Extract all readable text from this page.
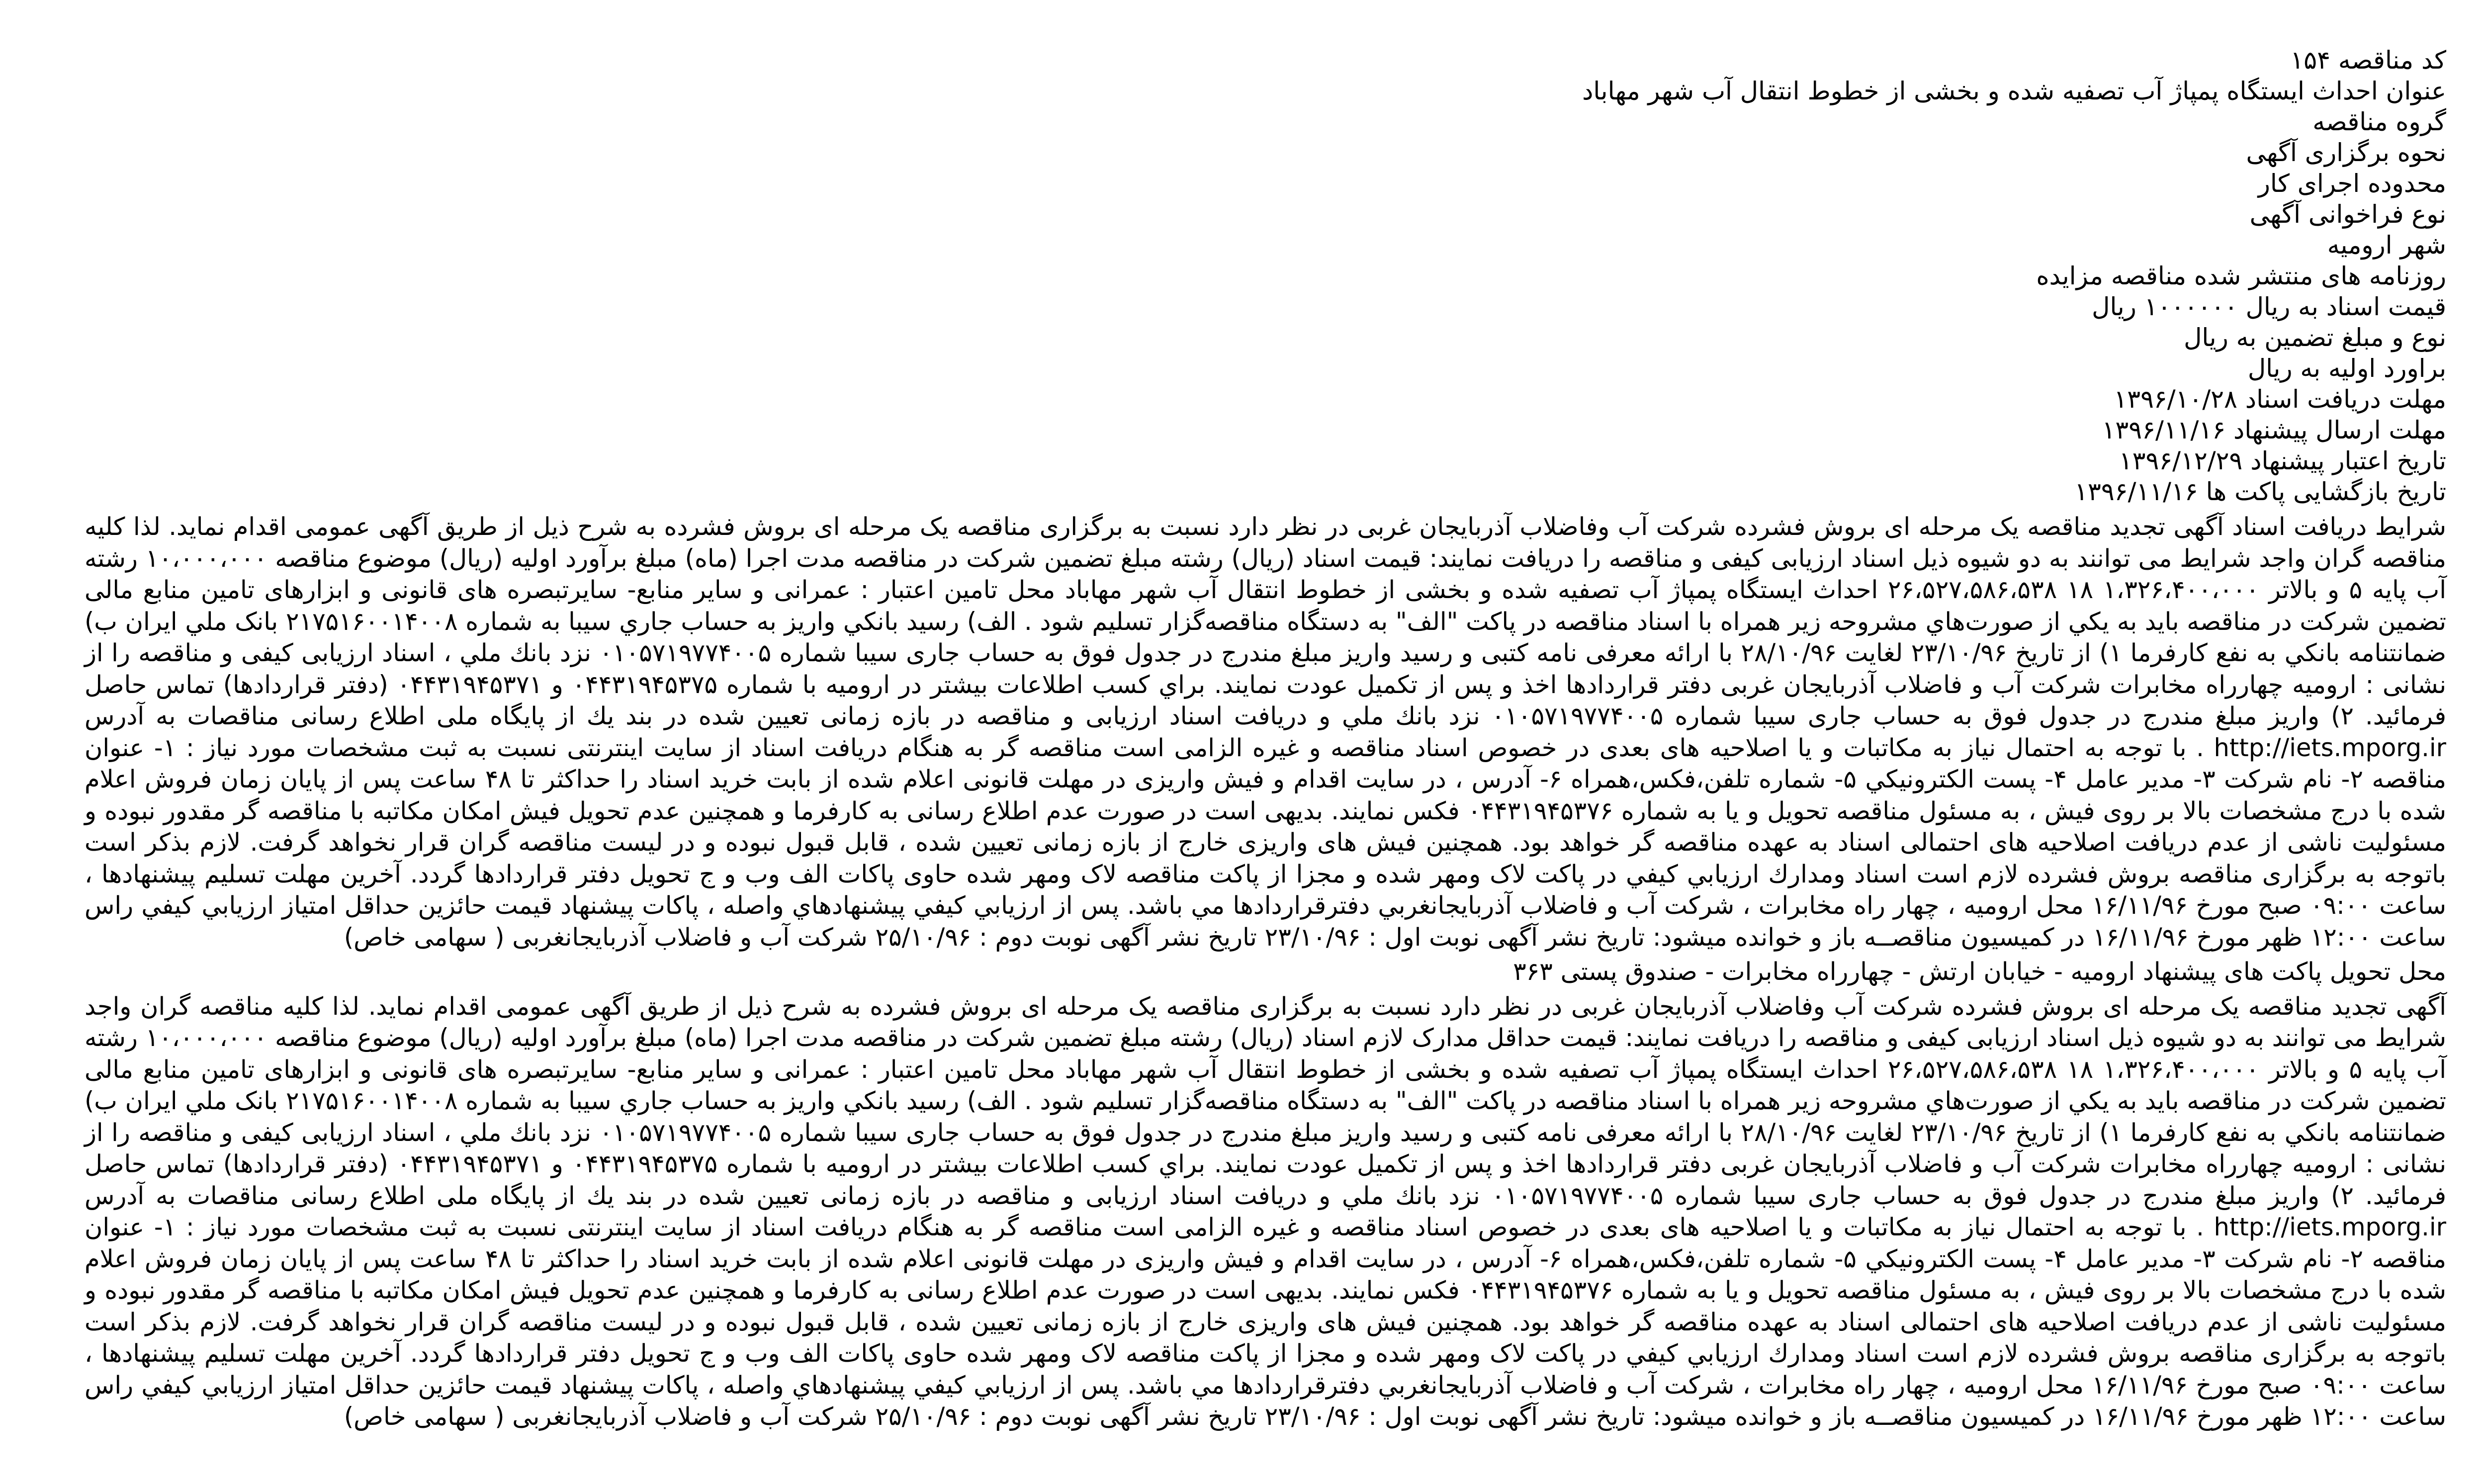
کد مناقصه ۱۵۴
عنوان احداث ایستگاه پمپاژ آب تصفیه شده و بخشی از خطوط انتقال آب شهر مهاباد
گروه مناقصه
نحوه برگزاری آگهی
محدوده اجرای کار
نوع فراخوانی آگهی
شهر ارومیه
روزنامه های منتشر شده مناقصه مزایده
قیمت اسناد به ریال ۱۰۰۰۰۰۰ ریال
نوع و مبلغ تضمین به ریال
براورد اولیه به ریال
مهلت دریافت اسناد ۱۳۹۶/۱۰/۲۸
مهلت ارسال پیشنهاد ۱۳۹۶/۱۱/۱۶
تاریخ اعتبار پیشنهاد ۱۳۹۶/۱۲/۲۹
تاریخ بازگشایی پاکت ها ۱۳۹۶/۱۱/۱۶
شرایط دریافت اسناد آگهی تجدید مناقصه یک مرحله ای بروش فشرده شرکت آب وفاضلاب آذربایجان غربی در نظر دارد نسبت به برگزاری مناقصه یک مرحله ای بروش فشرده به شرح ذیل از طریق آگهی عمومی اقدام نماید. لذا کلیه مناقصه گران واجد شرایط می توانند به دو شیوه ذیل اسناد ارزیابی کیفی و مناقصه را دریافت نمایند: قیمت اسناد (ریال) رشته مبلغ تضمین شرکت در مناقصه مدت اجرا (ماه) مبلغ برآورد اولیه (ریال) موضوع مناقصه ۱۰،۰۰۰،۰۰۰ رشته آب پایه ۵ و بالاتر ۱،۳۲۶،۴۰۰،۰۰۰ ۱۸ ۲۶،۵۲۷،۵۸۶،۵۳۸ احداث ایستگاه پمپاژ آب تصفیه شده و بخشی از خطوط انتقال آب شهر مهاباد محل تامین اعتبار : عمرانی و سایر منابع- سایرتبصره های قانونی و ابزارهای تامین منابع مالی تضمین شرکت در مناقصه باید به يكي از صورت‌هاي مشروحه زير همراه با اسناد مناقصه در پاكت "الف" به دستگاه مناقصه‌گزار تسليم شود . الف) رسيد بانكي واريز به حساب جاري سيبا به شماره ۲۱۷۵۱۶۰۰۱۴۰۰۸ بانک ملي ايران ب) ضمانتنامه بانكي به نفع كارفرما ۱) از تاريخ ۲۳/۱۰/۹۶ لغایت ۲۸/۱۰/۹۶ با ارائه معرفی نامه کتبی و رسید واریز مبلغ مندرج در جدول فوق به حساب جاری سیبا شماره ۰۱۰۵۷۱۹۷۷۴۰۰۵ نزد بانك ملي ، اسناد ارزیابی کیفی و مناقصه را از نشانی : ارومیه چهارراه مخابرات شرکت آب و فاضلاب آذربایجان غربی دفتر قراردادها اخذ و پس از تكميل عودت نمايند. براي كسب اطلاعات بيشتر در ارومیه با شماره ۰۴۴۳۱۹۴۵۳۷۵ و ۰۴۴۳۱۹۴۵۳۷۱ (دفتر قراردادها) تماس حاصل فرمائيد. ۲) واریز مبلغ مندرج در جدول فوق به حساب جاری سیبا شماره ۰۱۰۵۷۱۹۷۷۴۰۰۵ نزد بانك ملي و دریافت اسناد ارزیابی و مناقصه در بازه زمانی تعیین شده در بند يك از پایگاه ملی اطلاع رسانی مناقصات به آدرس http://iets.mporg.ir . با توجه به احتمال نیاز به مكاتبات و يا اصلاحیه های بعدی در خصوص اسناد مناقصه و غیره الزامی است مناقصه گر به هنگام دریافت اسناد از سایت اینترنتی نسبت به ثبت مشخصات مورد نیاز : ۱- عنوان مناقصه ۲- نام شرکت ۳- مدیر عامل ۴- پست الكترونيكي ۵- شماره تلفن،فكس،همراه ۶- آدرس ، در سایت اقدام و فیش واریزی در مهلت قانونی اعلام شده از بابت خرید اسناد را حداکثر تا ۴۸ ساعت پس از پایان زمان فروش اعلام شده با درج مشخصات بالا بر روی فیش ، به مسئول مناقصه تحویل و یا به شماره ۰۴۴۳۱۹۴۵۳۷۶ فکس نمایند. بدیهی است در صورت عدم اطلاع رسانی به کارفرما و همچنین عدم تحویل فیش امكان مكاتبه با مناقصه گر مقدور نبوده و مسئولیت ناشی از عدم دریافت اصلاحیه های احتمالی اسناد به عهده مناقصه گر خواهد بود. همچنین فیش های واریزی خارج از بازه زمانی تعیین شده ، قابل قبول نبوده و در لیست مناقصه گران قرار نخواهد گرفت. لازم بذكر است باتوجه به برگزاری مناقصه بروش فشرده لازم است اسناد ومدارك ارزيابي كيفي در پاكت لاک ومهر شده و مجزا از پاكت مناقصه لاک ومهر شده حاوی پاكات الف وب و ج تحويل دفتر قراردادها گردد. آخرين مهلت تسليم پيشنهادها ، ساعت ۰۹:۰۰ صبح مورخ ۱۶/۱۱/۹۶ محل اروميه ، چهار راه مخابرات ، شركت آب و فاضلاب آذربايجانغربي دفترقراردادها مي باشد. پس از ارزيابي كيفي پيشنهادهاي واصله ، پاكات پيشنهاد قيمت حائزين حداقل امتياز ارزيابي كيفي راس ساعت ۱۲:۰۰ ظهر مورخ ۱۶/۱۱/۹۶ در كميسيون مناقصــه باز و خوانده میشود: تاریخ نشر آگهی نوبت اول : ۲۳/۱۰/۹۶ تاریخ نشر آگهی نوبت دوم : ۲۵/۱۰/۹۶ شرکت آب و فاضلاب آذربایجانغربی ( سهامی خاص)
محل تحویل پاکت های پیشنهاد ارومیه - خیابان ارتش - چهارراه مخابرات - صندوق پستی ۳۶۳
آگهی تجدید مناقصه یک مرحله ای بروش فشرده شرکت آب وفاضلاب آذربایجان غربی در نظر دارد نسبت به برگزاری مناقصه یک مرحله ای بروش فشرده به شرح ذیل از طریق آگهی عمومی اقدام نماید. لذا کلیه مناقصه گران واجد شرایط می توانند به دو شیوه ذیل اسناد ارزیابی کیفی و مناقصه را دریافت نمایند: قیمت حداقل مدارک لازم اسناد (ریال) رشته مبلغ تضمین شرکت در مناقصه مدت اجرا (ماه) مبلغ برآورد اولیه (ریال) موضوع مناقصه ۱۰،۰۰۰،۰۰۰ رشته آب پایه ۵ و بالاتر ۱،۳۲۶،۴۰۰،۰۰۰ ۱۸ ۲۶،۵۲۷،۵۸۶،۵۳۸ احداث ایستگاه پمپاژ آب تصفیه شده و بخشی از خطوط انتقال آب شهر مهاباد محل تامین اعتبار : عمرانی و سایر منابع- سایرتبصره های قانونی و ابزارهای تامین منابع مالی تضمین شرکت در مناقصه باید به يكي از صورت‌هاي مشروحه زير همراه با اسناد مناقصه در پاكت "الف" به دستگاه مناقصه‌گزار تسليم شود . الف) رسيد بانكي واريز به حساب جاري سيبا به شماره ۲۱۷۵۱۶۰۰۱۴۰۰۸ بانک ملي ايران ب) ضمانتنامه بانكي به نفع كارفرما ۱) از تاريخ ۲۳/۱۰/۹۶ لغایت ۲۸/۱۰/۹۶ با ارائه معرفی نامه کتبی و رسید واریز مبلغ مندرج در جدول فوق به حساب جاری سیبا شماره ۰۱۰۵۷۱۹۷۷۴۰۰۵ نزد بانك ملي ، اسناد ارزیابی کیفی و مناقصه را از نشانی : ارومیه چهارراه مخابرات شرکت آب و فاضلاب آذربایجان غربی دفتر قراردادها اخذ و پس از تكميل عودت نمايند. براي كسب اطلاعات بيشتر در ارومیه با شماره ۰۴۴۳۱۹۴۵۳۷۵ و ۰۴۴۳۱۹۴۵۳۷۱ (دفتر قراردادها) تماس حاصل فرمائيد. ۲) واریز مبلغ مندرج در جدول فوق به حساب جاری سیبا شماره ۰۱۰۵۷۱۹۷۷۴۰۰۵ نزد بانك ملي و دریافت اسناد ارزیابی و مناقصه در بازه زمانی تعیین شده در بند يك از پایگاه ملی اطلاع رسانی مناقصات به آدرس http://iets.mporg.ir . با توجه به احتمال نیاز به مكاتبات و يا اصلاحیه های بعدی در خصوص اسناد مناقصه و غیره الزامی است مناقصه گر به هنگام دریافت اسناد از سایت اینترنتی نسبت به ثبت مشخصات مورد نیاز : ۱- عنوان مناقصه ۲- نام شرکت ۳- مدیر عامل ۴- پست الكترونيكي ۵- شماره تلفن،فكس،همراه ۶- آدرس ، در سایت اقدام و فیش واریزی در مهلت قانونی اعلام شده از بابت خرید اسناد را حداکثر تا ۴۸ ساعت پس از پایان زمان فروش اعلام شده با درج مشخصات بالا بر روی فیش ، به مسئول مناقصه تحویل و یا به شماره ۰۴۴۳۱۹۴۵۳۷۶ فکس نمایند. بدیهی است در صورت عدم اطلاع رسانی به کارفرما و همچنین عدم تحویل فیش امكان مكاتبه با مناقصه گر مقدور نبوده و مسئولیت ناشی از عدم دریافت اصلاحیه های احتمالی اسناد به عهده مناقصه گر خواهد بود. همچنین فیش های واریزی خارج از بازه زمانی تعیین شده ، قابل قبول نبوده و در لیست مناقصه گران قرار نخواهد گرفت. لازم بذكر است باتوجه به برگزاری مناقصه بروش فشرده لازم است اسناد ومدارك ارزيابي كيفي در پاكت لاک ومهر شده و مجزا از پاكت مناقصه لاک ومهر شده حاوی پاكات الف وب و ج تحويل دفتر قراردادها گردد. آخرين مهلت تسليم پيشنهادها ، ساعت ۰۹:۰۰ صبح مورخ ۱۶/۱۱/۹۶ محل اروميه ، چهار راه مخابرات ، شركت آب و فاضلاب آذربايجانغربي دفترقراردادها مي باشد. پس از ارزيابي كيفي پيشنهادهاي واصله ، پاكات پيشنهاد قيمت حائزين حداقل امتياز ارزيابي كيفي راس ساعت ۱۲:۰۰ ظهر مورخ ۱۶/۱۱/۹۶ در كميسيون مناقصــه باز و خوانده میشود: تاریخ نشر آگهی نوبت اول : ۲۳/۱۰/۹۶ تاریخ نشر آگهی نوبت دوم : ۲۵/۱۰/۹۶ شرکت آب و فاضلاب آذربایجانغربی ( سهامی خاص)
